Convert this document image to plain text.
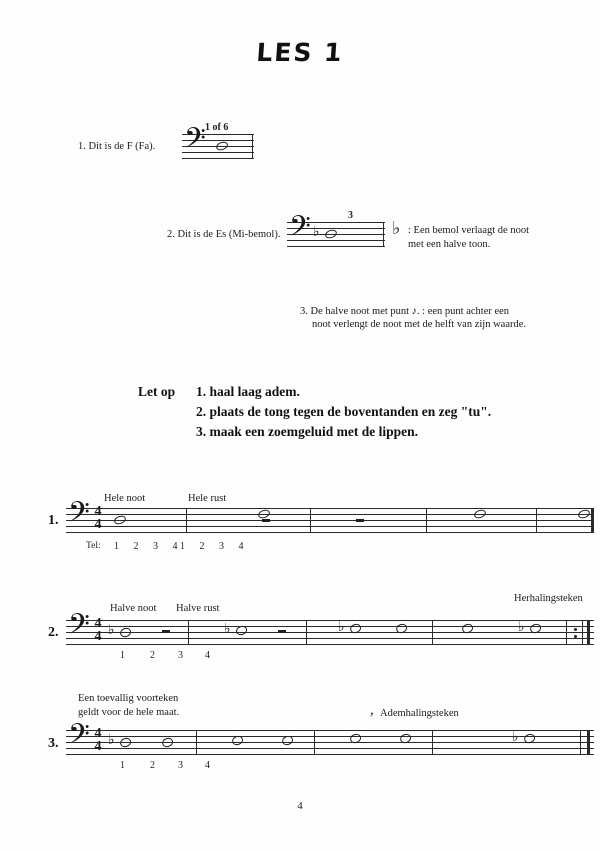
LES 1
1. Dit is de F (Fa).
1 of 6
𝄢
2. Dit is de Es (Mi-bemol).
3
𝄢 ♭	♭ : Een bemol verlaagt de noot
met een halve toon.
3. De halve noot met punt ♪. : een punt achter een
noot verlengt de noot met de helft van zijn waarde.
Let op 1. haal laag adem.
2. plaats de tong tegen de boventanden en zeg "tu".
3. maak een zoemgeluid met de lippen.
1.
Hele noot	Hele rust
𝄢 4
4
Tel: 1 2 3 4
1 2 3 4
2.
Halve noot Halve rust
Herhalingsteken
𝄢 4
4 ♭	♭	♭	♭
1 2 3 4
3.
Een toevallig voorteken
geldt voor de hele maat.	, Ademhalingsteken
𝄢 4
4 ♭	♭
1 2 3 4
4
